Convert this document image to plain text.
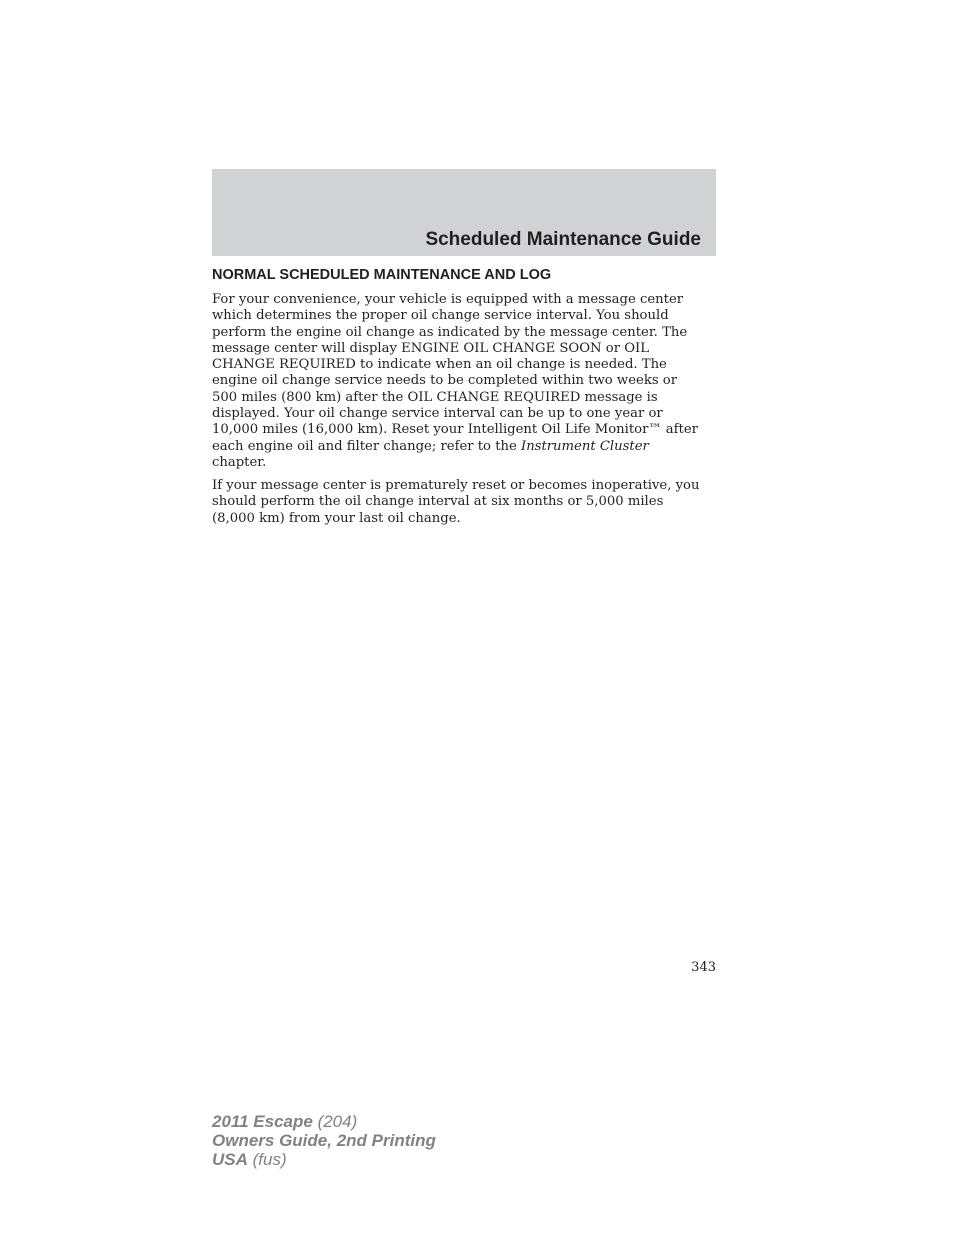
Scheduled Maintenance Guide
NORMAL SCHEDULED MAINTENANCE AND LOG

For your convenience, your vehicle is equipped with a message center
which determines the proper oil change service interval. You should
perform the engine oil change as indicated by the message center. The
message center will display ENGINE OIL CHANGE SOON or OIL
CHANGE REQUIRED to indicate when an oil change is needed. The
engine oil change service needs to be completed within two weeks or
500 miles (800 km) after the OIL CHANGE REQUIRED message is
displayed. Your oil change service interval can be up to one year or
10,000 miles (16,000 km). Reset your Intelligent Oil Life Monitor™ after
each engine oil and filter change; refer to the Instrument Cluster
chapter.

If your message center is prematurely reset or becomes inoperative, you
should perform the oil change interval at six months or 5,000 miles
(8,000 km) from your last oil change.

343

2011 Escape (204)
Owners Guide, 2nd Printing
USA (fus)
